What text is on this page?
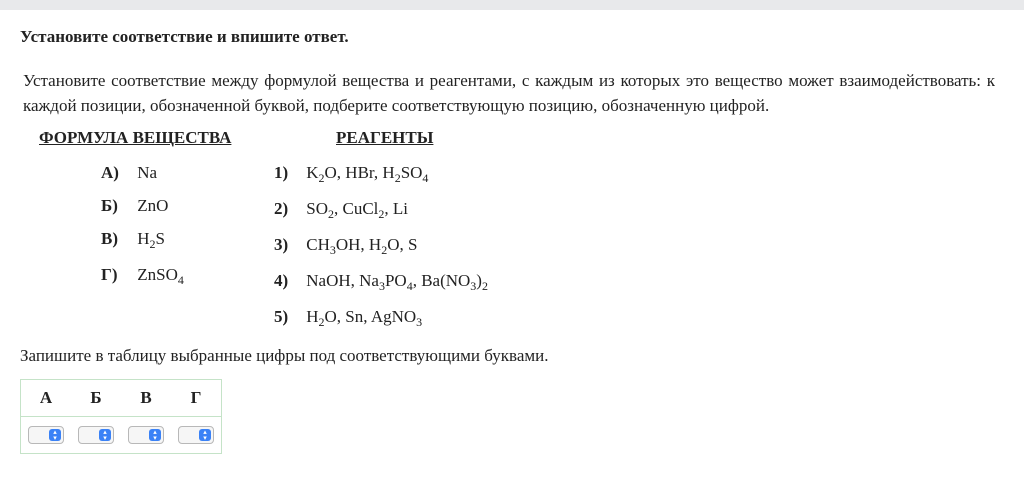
Установите соответствие и впишите ответ.
Установите соответствие между формулой вещества и реагентами, с каждым из которых это вещество может взаимодействовать: к каждой позиции, обозначенной буквой, подберите соответствующую позицию, обозначенную цифрой.
ФОРМУЛА ВЕЩЕСТВА	РЕАГЕНТЫ
А) Na
Б) ZnO
В) $H_2S$
Г) ZnSO$_4$
1) $K_2O$, HBr, $H_2SO_4$
2) $SO_2$, CuCl$_2$, Li
3) $CH_3OH$, $H_2O$, S
4) NaOH, $Na_3PO_4$, $Ba(NO_3)_2$
5) $H_2O$, Sn, AgNO$_3$
Запишите в таблицу выбранные цифры под соответствующими буквами.
А	Б	В	Г

▴
▾	▴
▾	▴
▾	▴
▾
